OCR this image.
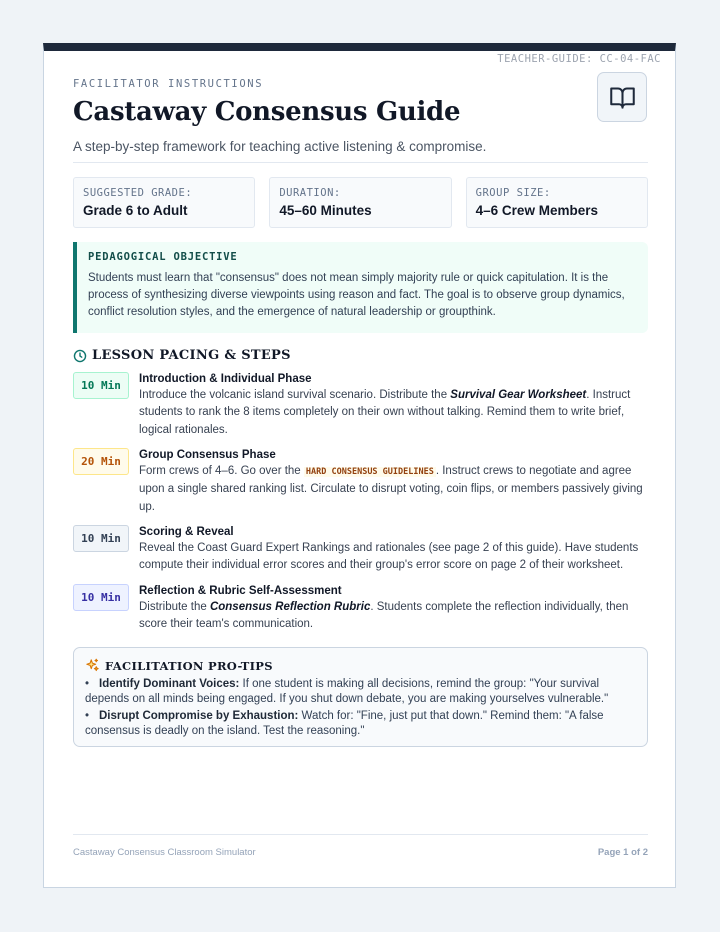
TEACHER-GUIDE: CC-04-FAC
FACILITATOR INSTRUCTIONS
Castaway Consensus Guide
A step-by-step framework for teaching active listening & compromise.
SUGGESTED GRADE:
Grade 6 to Adult
DURATION:
45–60 Minutes
GROUP SIZE:
4–6 Crew Members
PEDAGOGICAL OBJECTIVE
Students must learn that "consensus" does not mean simply majority rule or quick capitulation. It is the process of synthesizing diverse viewpoints using reason and fact. The goal is to observe group dynamics, conflict resolution styles, and the emergence of natural leadership or groupthink.
LESSON PACING & STEPS
10 Min	Introduction & Individual Phase
Introduce the volcanic island survival scenario. Distribute the Survival Gear Worksheet. Instruct students to rank the 8 items completely on their own without talking. Remind them to write brief, logical rationales.
20 Min	Group Consensus Phase
Form crews of 4–6. Go over the HARD CONSENSUS GUIDELINES . Instruct crews to negotiate and agree upon a single shared ranking list. Circulate to disrupt voting, coin flips, or members passively giving up.
10 Min	Scoring & Reveal
Reveal the Coast Guard Expert Rankings and rationales (see page 2 of this guide). Have students compute their individual error scores and their group's error score on page 2 of their worksheet.
10 Min	Reflection & Rubric Self-Assessment
Distribute the Consensus Reflection Rubric. Students complete the reflection individually, then score their team's communication.
FACILITATION PRO-TIPS
• Identify Dominant Voices: If one student is making all decisions, remind the group: "Your survival depends on all minds being engaged. If you shut down debate, you are making yourselves vulnerable."
• Disrupt Compromise by Exhaustion: Watch for: "Fine, just put that down." Remind them: "A false consensus is deadly on the island. Test the reasoning."
Castaway Consensus Classroom Simulator	Page 1 of 2
